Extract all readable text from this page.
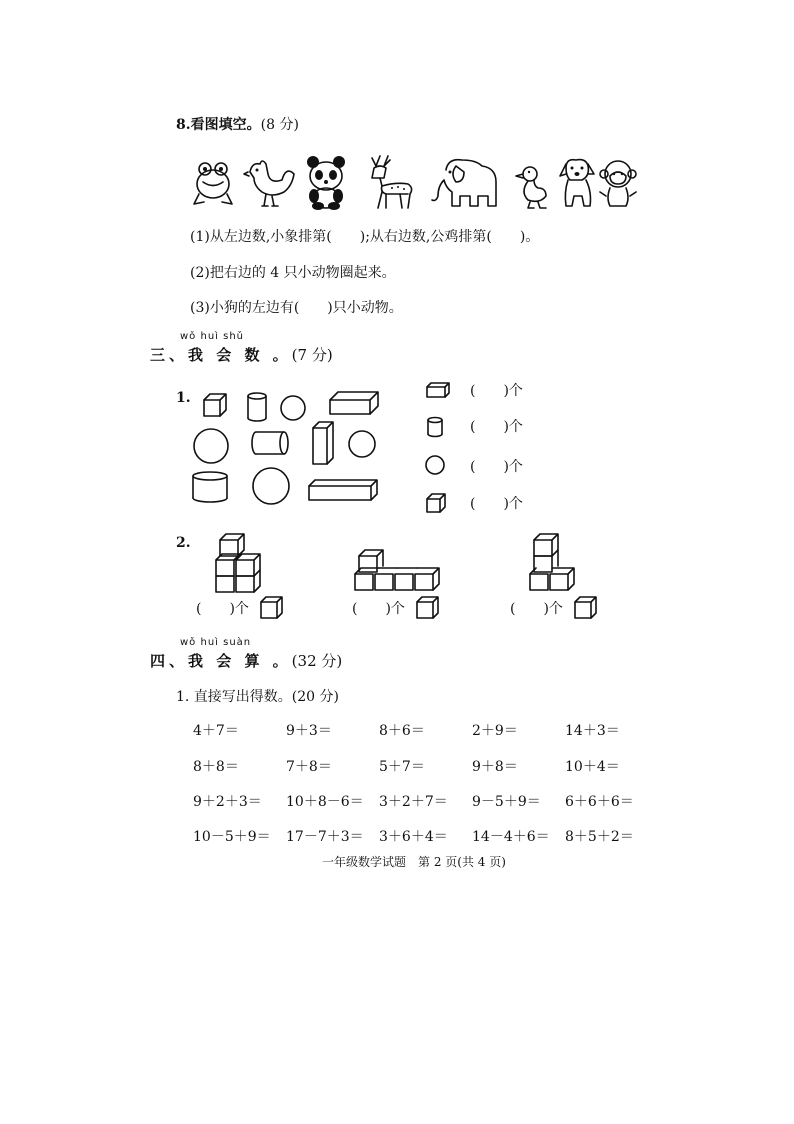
8.看图填空。(8 分)
(1)从左边数,小象排第(　　);从右边数,公鸡排第(　　)。
(2)把右边的 4 只小动物圈起来。
(3)小狗的左边有(　　)只小动物。
wǒ huì shǔ
三、我 会 数 。(7 分)
1.	(　　)个
(　　)个
(　　)个
(　　)个
2.
(　　)个	(　　)个	(　　)个
wǒ huì suàn
四、我 会 算 。(32 分)
1. 直接写出得数。(20 分)
4＋7＝	9＋3＝	8＋6＝	2＋9＝	14＋3＝
8＋8＝	7＋8＝	5＋7＝	9＋8＝	10＋4＝
9＋2＋3＝ 10＋8－6＝ 3＋2＋7＝ 9－5＋9＝ 6＋6＋6＝
10－5＋9＝ 17－7＋3＝ 3＋6＋4＝ 14－4＋6＝ 8＋5＋2＝
一年级数学试题　第 2 页(共 4 页)
